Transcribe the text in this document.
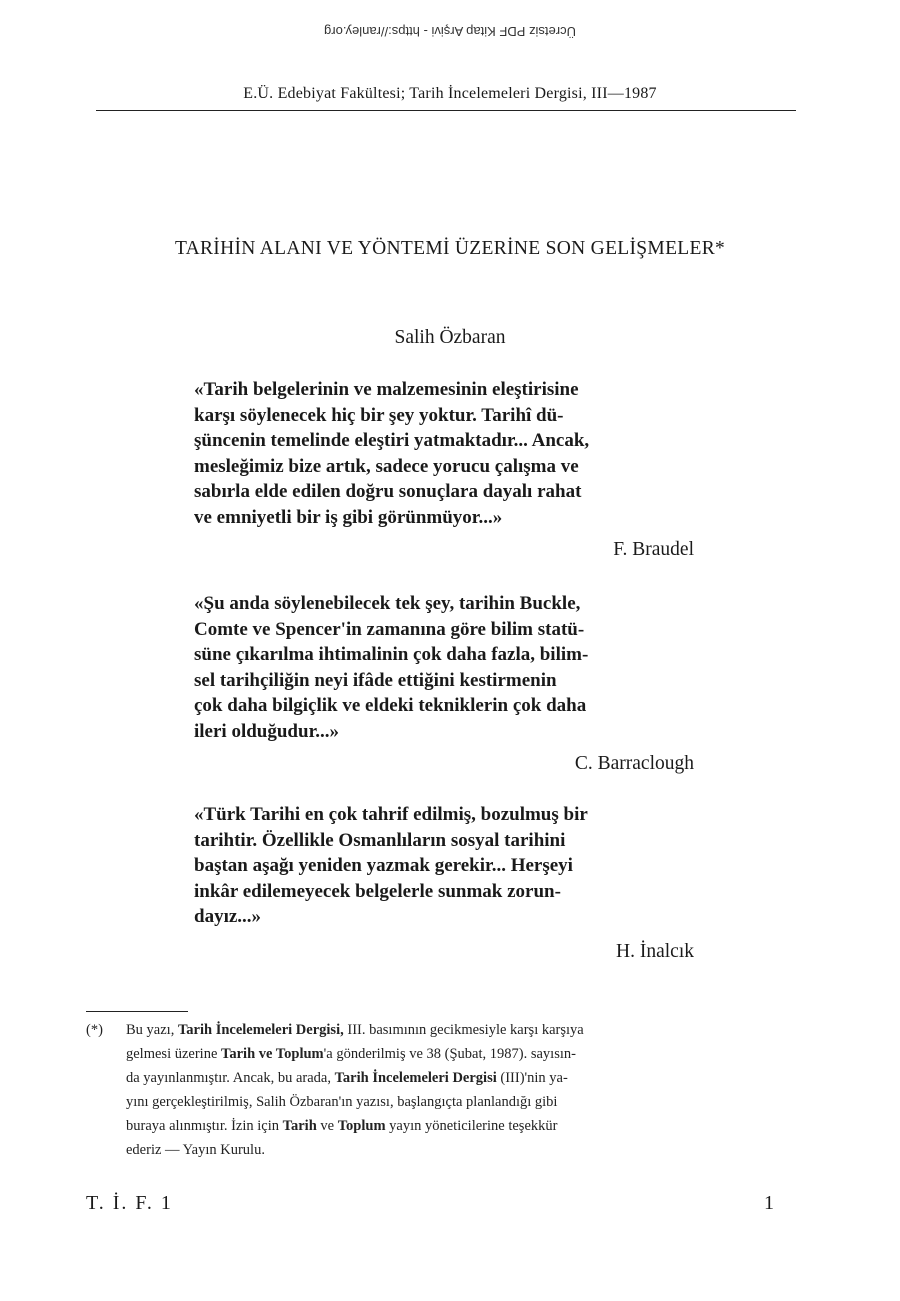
Ücretsiz PDF Kitap Arşivi - https://ranley.org
E.Ü. Edebiyat Fakültesi; Tarih İncelemeleri Dergisi, III—1987
TARİHİN ALANI VE YÖNTEMİ ÜZERİNE SON GELİŞMELER*
Salih Özbaran
«Tarih belgelerinin ve malzemesinin eleştirisine
karşı söylenecek hiç bir şey yoktur. Tarihî dü-
şüncenin temelinde eleştiri yatmaktadır... Ancak,
mesleğimiz bize artık, sadece yorucu çalışma ve
sabırla elde edilen doğru sonuçlara dayalı rahat
ve emniyetli bir iş gibi görünmüyor...»
F. Braudel
«Şu anda söylenebilecek tek şey, tarihin Buckle,
Comte ve Spencer'in zamanına göre bilim statü-
süne çıkarılma ihtimalinin çok daha fazla, bilim-
sel tarihçiliğin neyi ifâde ettiğini kestirmenin
çok daha bilgiçlik ve eldeki tekniklerin çok daha
ileri olduğudur...»
C. Barraclough
«Türk Tarihi en çok tahrif edilmiş, bozulmuş bir
tarihtir. Özellikle Osmanlıların sosyal tarihini
baştan aşağı yeniden yazmak gerekir... Herşeyi
inkâr edilemeyecek belgelerle sunmak zorun-
dayız...»
H. İnalcık
(*) Bu yazı, Tarih İncelemeleri Dergisi, III. basımının gecikmesiyle karşı karşıya
gelmesi üzerine Tarih ve Toplum'a gönderilmiş ve 38 (Şubat, 1987). sayısın-
da yayınlanmıştır. Ancak, bu arada, Tarih İncelemeleri Dergisi (III)'nin ya-
yını gerçekleştirilmiş, Salih Özbaran'ın yazısı, başlangıçta planlandığı gibi
buraya alınmıştır. İzin için Tarih ve Toplum yayın yöneticilerine teşekkür
ederiz — Yayın Kurulu.
T. İ. F. 1	1
